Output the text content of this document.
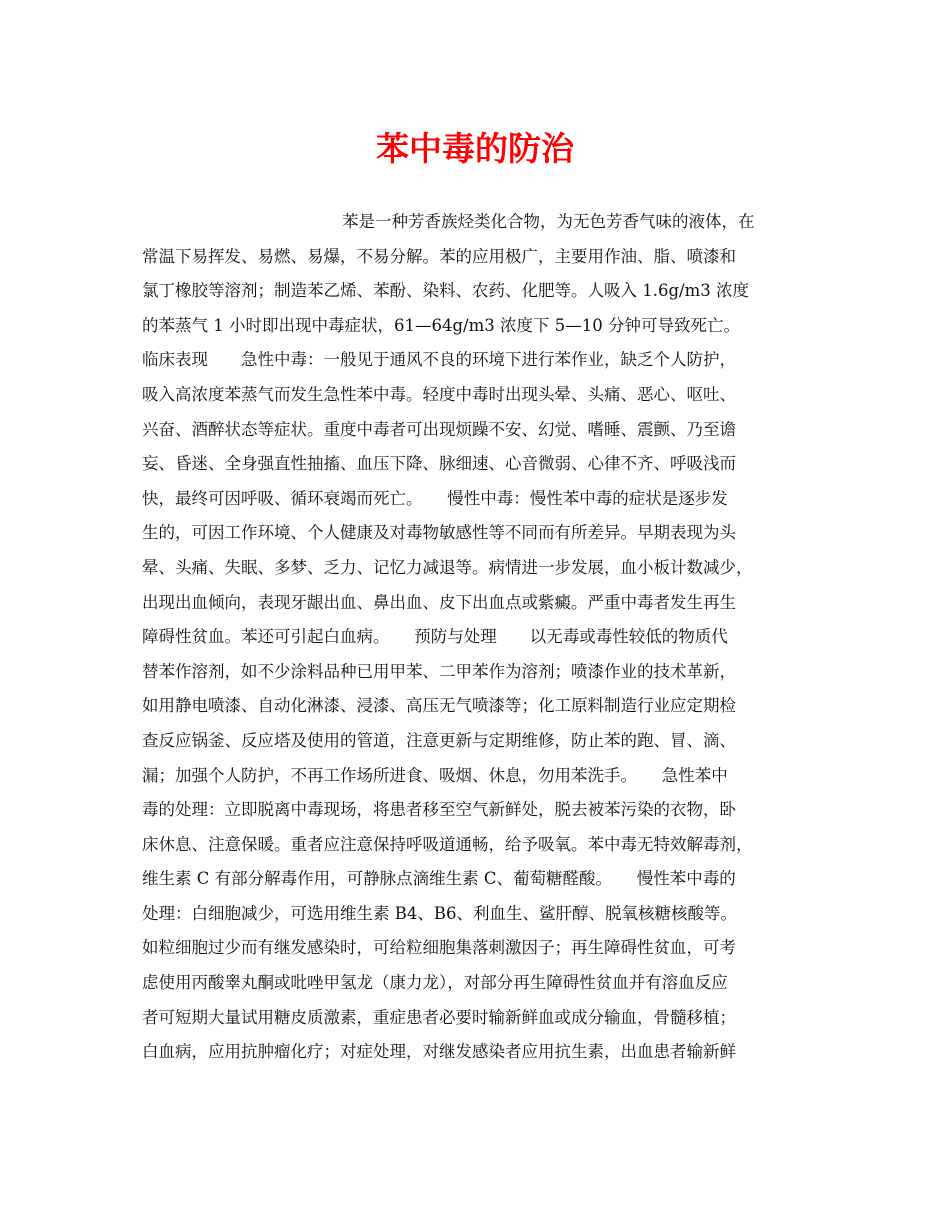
苯中毒的防治
苯是一种芳香族烃类化合物，为无色芳香气味的液体，在
常温下易挥发、易燃、易爆，不易分解。苯的应用极广，主要用作油、脂、喷漆和
氯丁橡胶等溶剂；制造苯乙烯、苯酚、染料、农药、化肥等。人吸入 1.6g/m3 浓度
的苯蒸气 1 小时即出现中毒症状，61—64g/m3 浓度下 5—10 分钟可导致死亡。
临床表现　　急性中毒：一般见于通风不良的环境下进行苯作业，缺乏个人防护，
吸入高浓度苯蒸气而发生急性苯中毒。轻度中毒时出现头晕、头痛、恶心、呕吐、
兴奋、酒醉状态等症状。重度中毒者可出现烦躁不安、幻觉、嗜睡、震颤、乃至谵
妄、昏迷、全身强直性抽搐、血压下降、脉细速、心音微弱、心律不齐、呼吸浅而
快，最终可因呼吸、循环衰竭而死亡。　　慢性中毒：慢性苯中毒的症状是逐步发
生的，可因工作环境、个人健康及对毒物敏感性等不同而有所差异。早期表现为头
晕、头痛、失眠、多梦、乏力、记忆力减退等。病情进一步发展，血小板计数减少，
出现出血倾向，表现牙龈出血、鼻出血、皮下出血点或紫癜。严重中毒者发生再生
障碍性贫血。苯还可引起白血病。　　预防与处理　　以无毒或毒性较低的物质代
替苯作溶剂，如不少涂料品种已用甲苯、二甲苯作为溶剂；喷漆作业的技术革新，
如用静电喷漆、自动化淋漆、浸漆、高压无气喷漆等；化工原料制造行业应定期检
查反应锅釜、反应塔及使用的管道，注意更新与定期维修，防止苯的跑、冒、滴、
漏；加强个人防护，不再工作场所进食、吸烟、休息，勿用苯洗手。　　急性苯中
毒的处理：立即脱离中毒现场，将患者移至空气新鲜处，脱去被苯污染的衣物，卧
床休息、注意保暖。重者应注意保持呼吸道通畅，给予吸氧。苯中毒无特效解毒剂，
维生素 C 有部分解毒作用，可静脉点滴维生素 C、葡萄糖醛酸。　　慢性苯中毒的
处理：白细胞减少，可选用维生素 B4、B6、利血生、鲨肝醇、脱氧核糖核酸等。
如粒细胞过少而有继发感染时，可给粒细胞集落刺激因子；再生障碍性贫血，可考
虑使用丙酸睾丸酮或吡唑甲氢龙（康力龙），对部分再生障碍性贫血并有溶血反应
者可短期大量试用糖皮质激素，重症患者必要时输新鲜血或成分输血，骨髓移植；
白血病，应用抗肿瘤化疗；对症处理，对继发感染者应用抗生素，出血患者输新鲜
